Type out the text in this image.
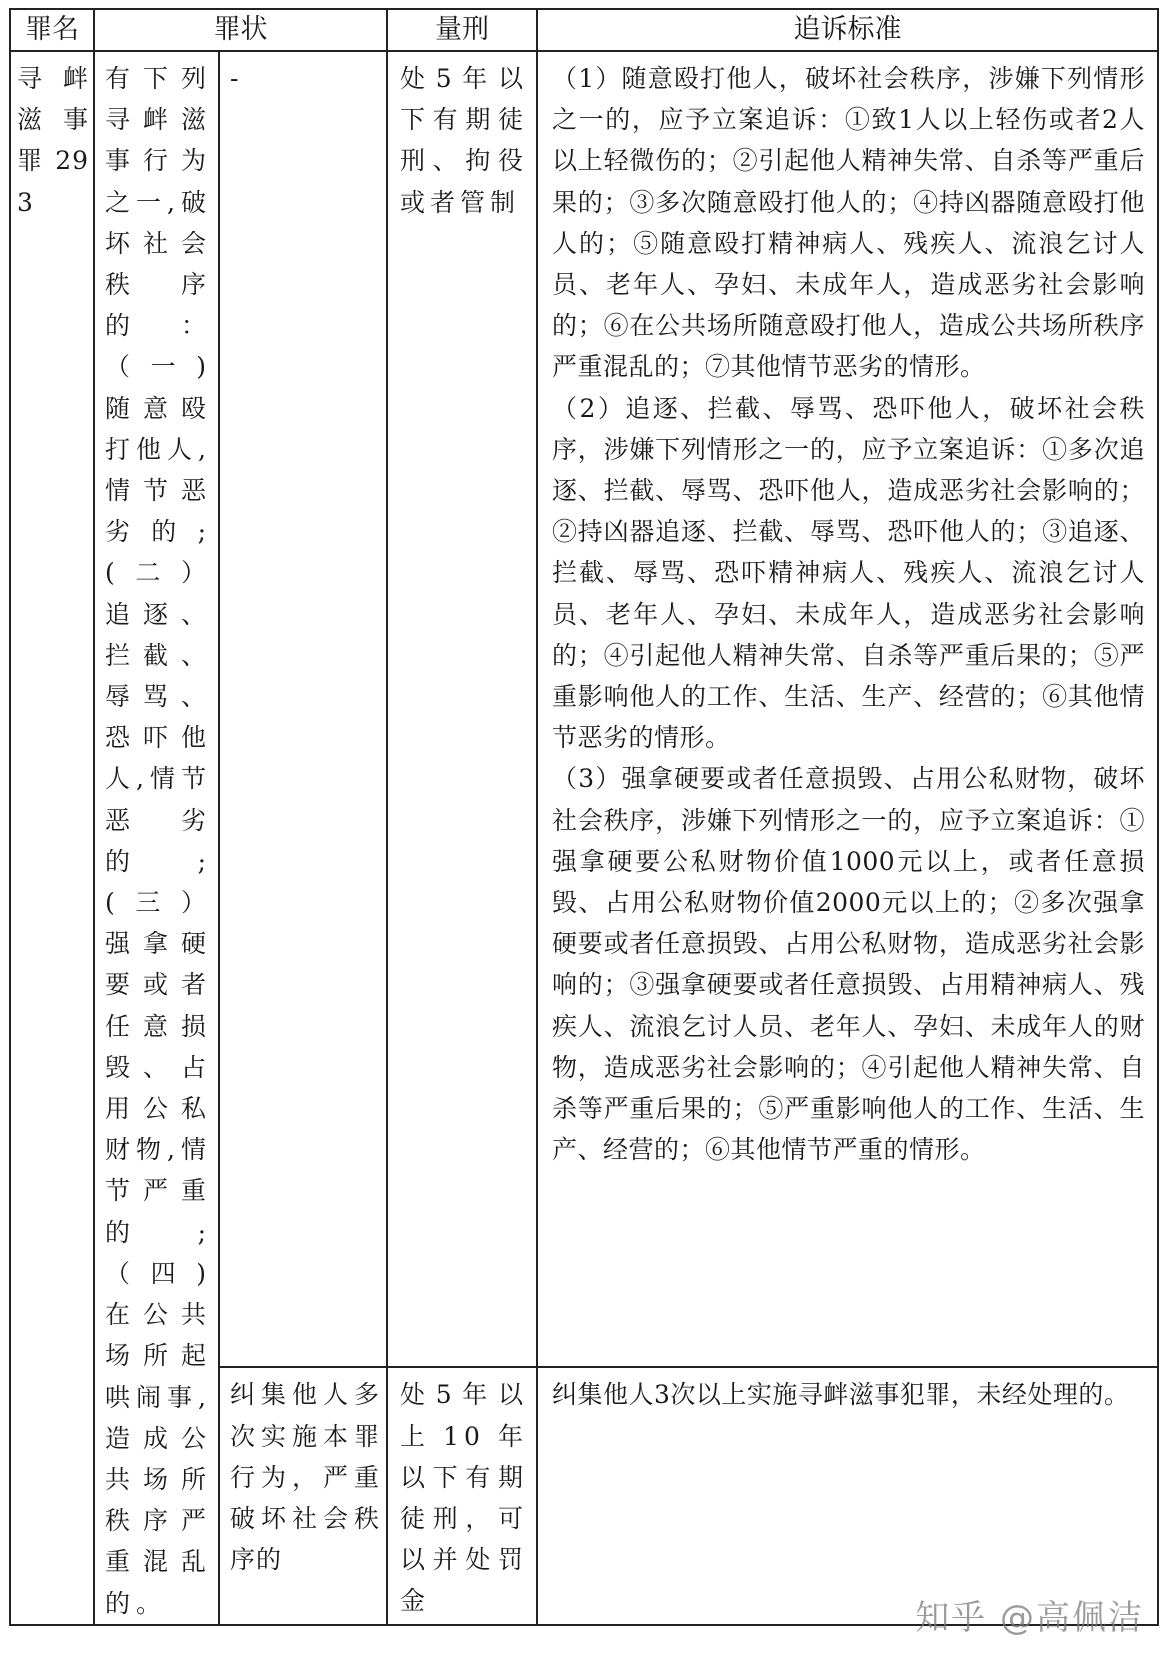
罪名	罪状		量刑	追诉标准

寻衅滋事罪293	有下列寻衅滋事行为之一,破坏社会秩序的：（一)随意殴打他人,情节恶劣的;(二）追逐、拦截、辱骂、恐吓他人,情节恶劣的;(三）强拿硬要或者任意损毁、占用公私财物,情节严重的;（四)在公共场所起哄闹事,造成公共场所秩序严重混乱的。	-	处5年以下有期徒刑、拘役或者管制	（1）随意殴打他人，破坏社会秩序，涉嫌下列情形之一的，应予立案追诉：①致1人以上轻伤或者2人以上轻微伤的；②引起他人精神失常、自杀等严重后果的；③多次随意殴打他人的；④持凶器随意殴打他人的；⑤随意殴打精神病人、残疾人、流浪乞讨人员、老年人、孕妇、未成年人，造成恶劣社会影响的；⑥在公共场所随意殴打他人，造成公共场所秩序严重混乱的；⑦其他情节恶劣的情形。
（2）追逐、拦截、辱骂、恐吓他人，破坏社会秩序，涉嫌下列情形之一的，应予立案追诉：①多次追逐、拦截、辱骂、恐吓他人，造成恶劣社会影响的；②持凶器追逐、拦截、辱骂、恐吓他人的；③追逐、拦截、辱骂、恐吓精神病人、残疾人、流浪乞讨人员、老年人、孕妇、未成年人，造成恶劣社会影响的；④引起他人精神失常、自杀等严重后果的；⑤严重影响他人的工作、生活、生产、经营的；⑥其他情节恶劣的情形。
（3）强拿硬要或者任意损毁、占用公私财物，破坏社会秩序，涉嫌下列情形之一的，应予立案追诉：①强拿硬要公私财物价值1000元以上，或者任意损毁、占用公私财物价值2000元以上的；②多次强拿硬要或者任意损毁、占用公私财物，造成恶劣社会影响的；③强拿硬要或者任意损毁、占用精神病人、残疾人、流浪乞讨人员、老年人、孕妇、未成年人的财物，造成恶劣社会影响的；④引起他人精神失常、自杀等严重后果的；⑤严重影响他人的工作、生活、生产、经营的；⑥其他情节严重的情形。

		纠集他人多次实施本罪行为，严重破坏社会秩序的	处5年以上10年以下有期徒刑，可以并处罚金	纠集他人3次以上实施寻衅滋事犯罪，未经处理的。
知乎 @高佩洁
